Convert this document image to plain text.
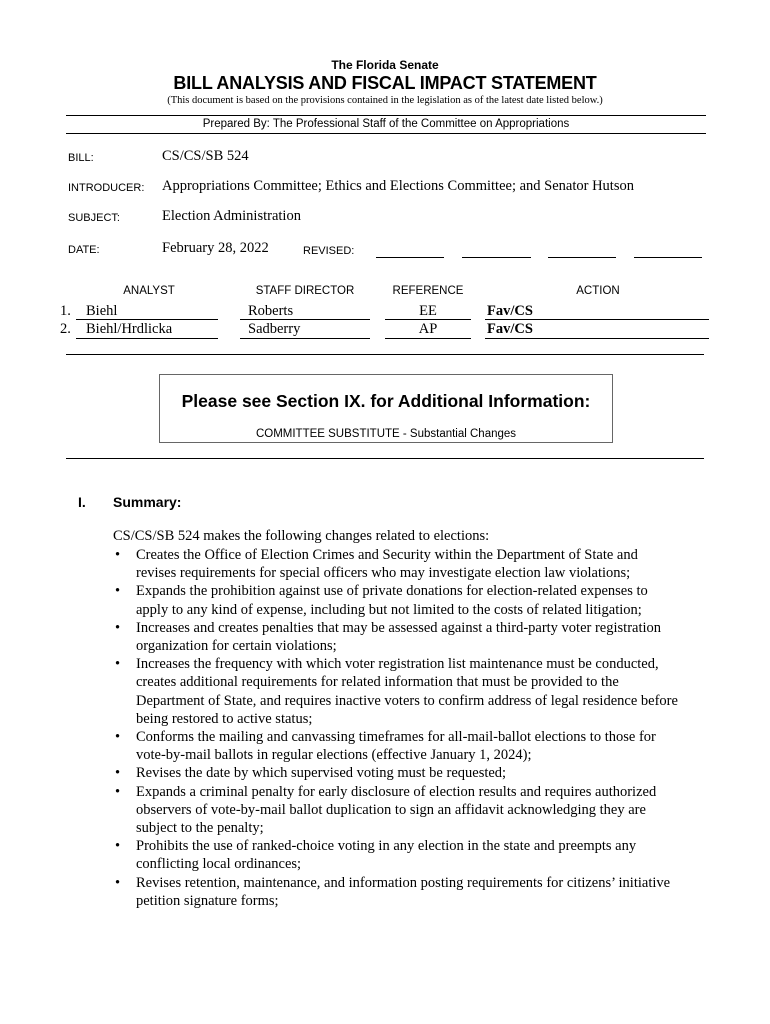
The Florida Senate
BILL ANALYSIS AND FISCAL IMPACT STATEMENT
(This document is based on the provisions contained in the legislation as of the latest date listed below.)
Prepared By: The Professional Staff of the Committee on Appropriations
BILL:	CS/CS/SB 524
INTRODUCER: Appropriations Committee; Ethics and Elections Committee; and Senator Hutson
SUBJECT:	Election Administration
DATE:	February 28, 2022	REVISED:
ANALYST	STAFF DIRECTOR	REFERENCE	ACTION
1. Biehl	Roberts	EE	Fav/CS
2. Biehl/Hrdlicka	Sadberry	AP	Fav/CS
Please see Section IX. for Additional Information:
COMMITTEE SUBSTITUTE - Substantial Changes
I. Summary:
CS/CS/SB 524 makes the following changes related to elections:
• Creates the Office of Election Crimes and Security within the Department of State and
revises requirements for special officers who may investigate election law violations;
• Expands the prohibition against use of private donations for election-related expenses to
apply to any kind of expense, including but not limited to the costs of related litigation;
• Increases and creates penalties that may be assessed against a third-party voter registration
organization for certain violations;
• Increases the frequency with which voter registration list maintenance must be conducted,
creates additional requirements for related information that must be provided to the
Department of State, and requires inactive voters to confirm address of legal residence before
being restored to active status;
• Conforms the mailing and canvassing timeframes for all-mail-ballot elections to those for
vote-by-mail ballots in regular elections (effective January 1, 2024);
• Revises the date by which supervised voting must be requested;
• Expands a criminal penalty for early disclosure of election results and requires authorized
observers of vote-by-mail ballot duplication to sign an affidavit acknowledging they are
subject to the penalty;
• Prohibits the use of ranked-choice voting in any election in the state and preempts any
conflicting local ordinances;
• Revises retention, maintenance, and information posting requirements for citizens’ initiative
petition signature forms;
